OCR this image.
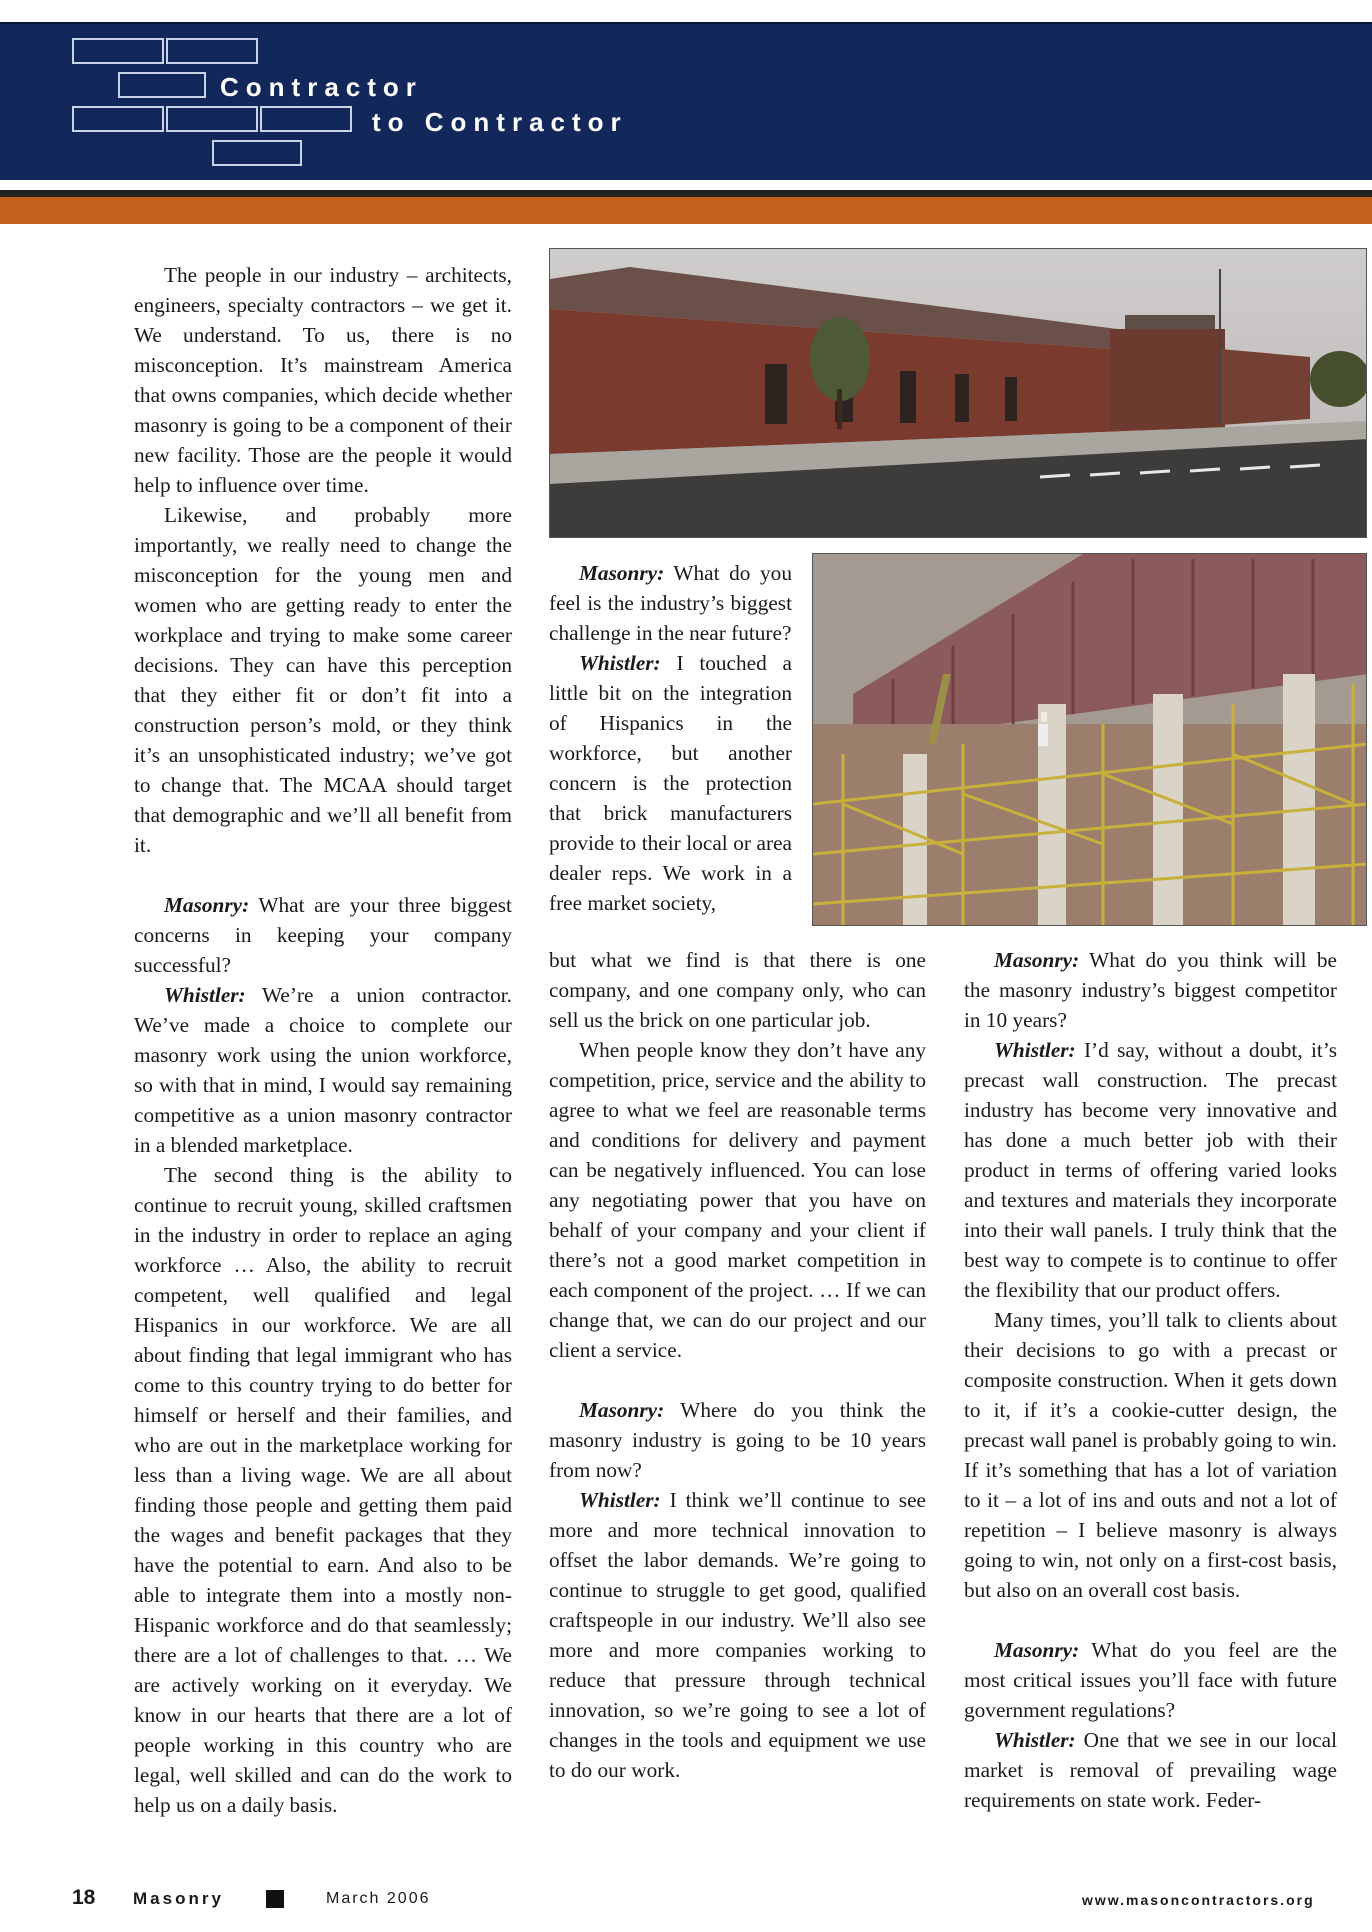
Contractor
to Contractor

The people in our industry – architects, engineers, specialty contractors – we get it. We understand. To us, there is no misconception. It’s mainstream America that owns companies, which decide whether masonry is going to be a component of their new facility. Those are the people it would help to influence over time.

Likewise, and probably more importantly, we really need to change the misconception for the young men and women who are getting ready to enter the workplace and trying to make some career decisions. They can have this perception that they either fit or don’t fit into a construction person’s mold, or they think it’s an unsophisticated industry; we’ve got to change that. The MCAA should target that demographic and we’ll all benefit from it.

Masonry: What are your three biggest concerns in keeping your company successful?

Whistler: We’re a union contractor. We’ve made a choice to complete our masonry work using the union workforce, so with that in mind, I would say remaining competitive as a union masonry contractor in a blended marketplace.

The second thing is the ability to continue to recruit young, skilled craftsmen in the industry in order to replace an aging workforce … Also, the ability to recruit competent, well qualified and legal Hispanics in our workforce. We are all about finding that legal immigrant who has come to this country trying to do better for himself or herself and their families, and who are out in the marketplace working for less than a living wage. We are all about finding those people and getting them paid the wages and benefit packages that they have the potential to earn. And also to be able to integrate them into a mostly non-Hispanic workforce and do that seamlessly; there are a lot of challenges to that. … We are actively working on it everyday. We know in our hearts that there are a lot of people working in this country who are legal, well skilled and can do the work to help us on a daily basis.

Masonry: What do you feel is the industry’s biggest challenge in the near future?

Whistler: I touched a little bit on the integration of Hispanics in the workforce, but another concern is the protection that brick manufacturers provide to their local or area dealer reps. We work in a free market society,

but what we find is that there is one company, and one company only, who can sell us the brick on one particular job.

When people know they don’t have any competition, price, service and the ability to agree to what we feel are reasonable terms and conditions for delivery and payment can be negatively influenced. You can lose any negotiating power that you have on behalf of your company and your client if there’s not a good market competition in each component of the project. … If we can change that, we can do our project and our client a service.

Masonry: Where do you think the masonry industry is going to be 10 years from now?

Whistler: I think we’ll continue to see more and more technical innovation to offset the labor demands. We’re going to continue to struggle to get good, qualified craftspeople in our industry. We’ll also see more and more companies working to reduce that pressure through technical innovation, so we’re going to see a lot of changes in the tools and equipment we use to do our work.

Masonry: What do you think will be the masonry industry’s biggest competitor in 10 years?

Whistler: I’d say, without a doubt, it’s precast wall construction. The precast industry has become very innovative and has done a much better job with their product in terms of offering varied looks and textures and materials they incorporate into their wall panels. I truly think that the best way to compete is to continue to offer the flexibility that our product offers.

Many times, you’ll talk to clients about their decisions to go with a precast or composite construction. When it gets down to it, if it’s a cookie-cutter design, the precast wall panel is probably going to win. If it’s something that has a lot of variation to it – a lot of ins and outs and not a lot of repetition – I believe masonry is always going to win, not only on a first-cost basis, but also on an overall cost basis.

Masonry: What do you feel are the most critical issues you’ll face with future government regulations?

Whistler: One that we see in our local market is removal of prevailing wage requirements on state work. Feder-

18 Masonry	March 2006	www.masoncontractors.org
